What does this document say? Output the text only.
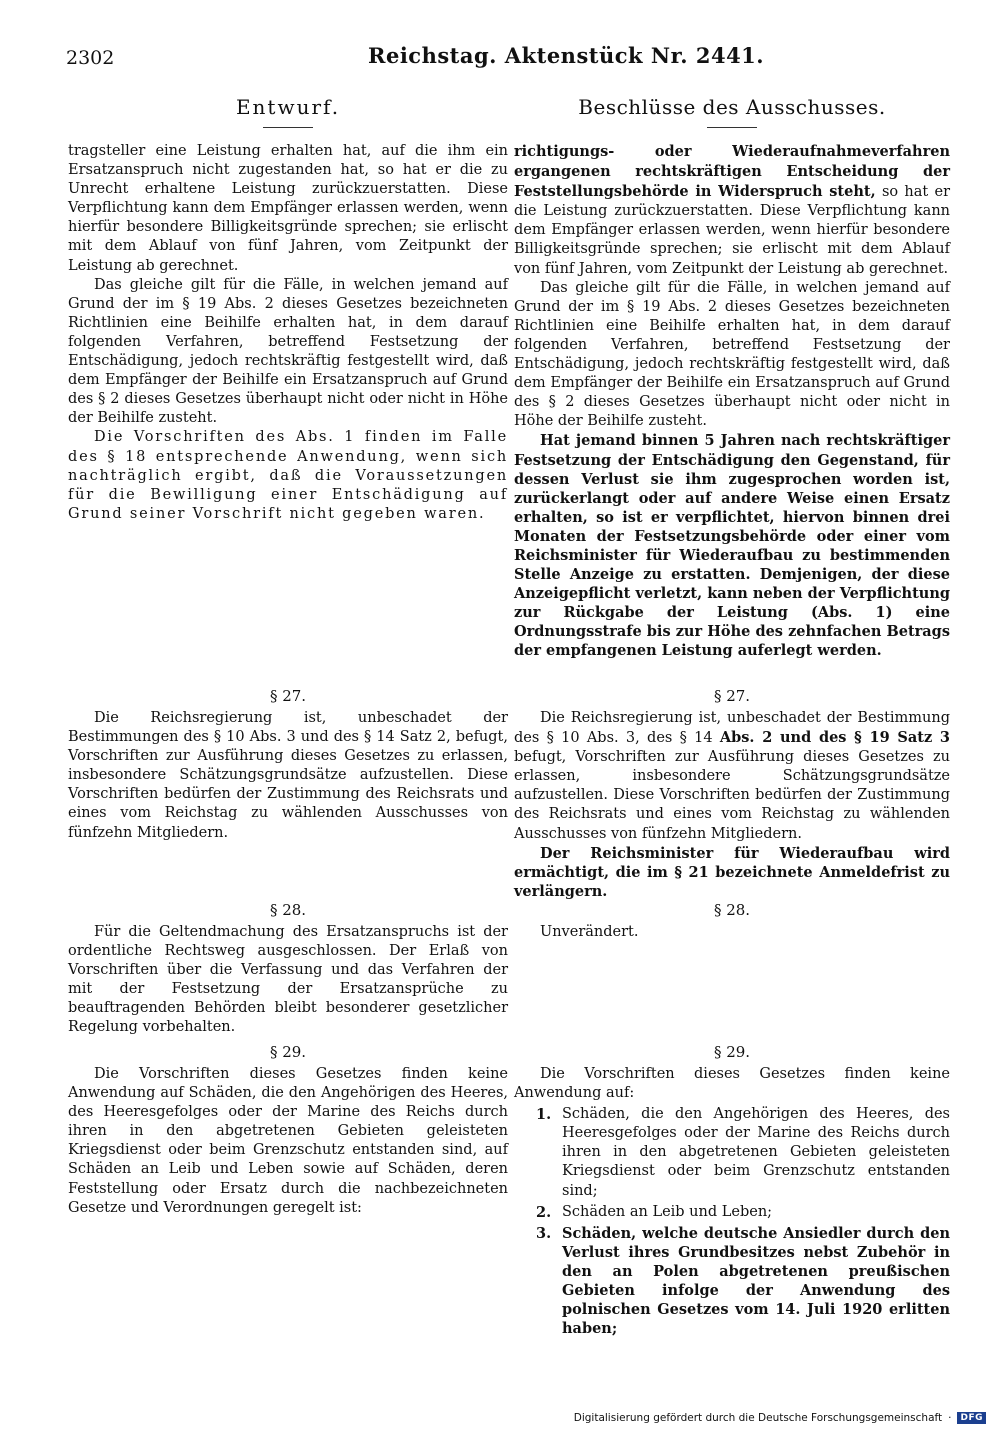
2302	Reichstag. Aktenstück Nr. 2441.
Entwurf.

tragsteller eine Leistung erhalten hat, auf die ihm ein Ersatzanspruch nicht zugestanden hat, so hat er die zu Unrecht erhaltene Leistung zurückzuerstatten. Diese Verpflichtung kann dem Empfänger erlassen werden, wenn hierfür besondere Billigkeitsgründe sprechen; sie erlischt mit dem Ablauf von fünf Jahren, vom Zeitpunkt der Leistung ab gerechnet.

Das gleiche gilt für die Fälle, in welchen jemand auf Grund der im § 19 Abs. 2 dieses Gesetzes bezeichneten Richtlinien eine Beihilfe erhalten hat, in dem darauf folgenden Verfahren, betreffend Festsetzung der Entschädigung, jedoch rechtskräftig festgestellt wird, daß dem Empfänger der Beihilfe ein Ersatzanspruch auf Grund des § 2 dieses Gesetzes überhaupt nicht oder nicht in Höhe der Beihilfe zusteht.

Die Vorschriften des Abs. 1 finden im Falle des § 18 entsprechende Anwendung, wenn sich nachträglich ergibt, daß die Voraussetzungen für die Bewilligung einer Entschädigung auf Grund seiner Vorschrift nicht gegeben waren.

§ 27.

Die Reichsregierung ist, unbeschadet der Bestimmungen des § 10 Abs. 3 und des § 14 Satz 2, befugt, Vorschriften zur Ausführung dieses Gesetzes zu erlassen, insbesondere Schätzungsgrundsätze aufzustellen. Diese Vorschriften bedürfen der Zustimmung des Reichsrats und eines vom Reichstag zu wählenden Ausschusses von fünfzehn Mitgliedern.

§ 28.

Für die Geltendmachung des Ersatzanspruchs ist der ordentliche Rechtsweg ausgeschlossen. Der Erlaß von Vorschriften über die Verfassung und das Verfahren der mit der Festsetzung der Ersatzansprüche zu beauftragenden Behörden bleibt besonderer gesetzlicher Regelung vorbehalten.

§ 29.

Die Vorschriften dieses Gesetzes finden keine Anwendung auf Schäden, die den Angehörigen des Heeres, des Heeresgefolges oder der Marine des Reichs durch ihren in den abgetretenen Gebieten geleisteten Kriegsdienst oder beim Grenzschutz entstanden sind, auf Schäden an Leib und Leben sowie auf Schäden, deren Feststellung oder Ersatz durch die nachbezeichneten Gesetze und Verordnungen geregelt ist:

Beschlüsse des Ausschusses.

richtigungs- oder Wiederaufnahmeverfahren ergangenen rechtskräftigen Entscheidung der Feststellungsbehörde in Widerspruch steht, so hat er die Leistung zurückzuerstatten. Diese Verpflichtung kann dem Empfänger erlassen werden, wenn hierfür besondere Billigkeitsgründe sprechen; sie erlischt mit dem Ablauf von fünf Jahren, vom Zeitpunkt der Leistung ab gerechnet.

Das gleiche gilt für die Fälle, in welchen jemand auf Grund der im § 19 Abs. 2 dieses Gesetzes bezeichneten Richtlinien eine Beihilfe erhalten hat, in dem darauf folgenden Verfahren, betreffend Festsetzung der Entschädigung, jedoch rechtskräftig festgestellt wird, daß dem Empfänger der Beihilfe ein Ersatzanspruch auf Grund des § 2 dieses Gesetzes überhaupt nicht oder nicht in Höhe der Beihilfe zusteht.

Hat jemand binnen 5 Jahren nach rechtskräftiger Festsetzung der Entschädigung den Gegenstand, für dessen Verlust sie ihm zugesprochen worden ist, zurückerlangt oder auf andere Weise einen Ersatz erhalten, so ist er verpflichtet, hiervon binnen drei Monaten der Festsetzungsbehörde oder einer vom Reichsminister für Wiederaufbau zu bestimmenden Stelle Anzeige zu erstatten. Demjenigen, der diese Anzeigepflicht verletzt, kann neben der Verpflichtung zur Rückgabe der Leistung (Abs. 1) eine Ordnungsstrafe bis zur Höhe des zehnfachen Betrags der empfangenen Leistung auferlegt werden.

§ 27.

Die Reichsregierung ist, unbeschadet der Bestimmung des § 10 Abs. 3, des § 14 Abs. 2 und des § 19 Satz 3 befugt, Vorschriften zur Ausführung dieses Gesetzes zu erlassen, insbesondere Schätzungsgrundsätze aufzustellen. Diese Vorschriften bedürfen der Zustimmung des Reichsrats und eines vom Reichstag zu wählenden Ausschusses von fünfzehn Mitgliedern.

Der Reichsminister für Wiederaufbau wird ermächtigt, die im § 21 bezeichnete Anmeldefrist zu verlängern.

§ 28.

Unverändert.

§ 29.

Die Vorschriften dieses Gesetzes finden keine Anwendung auf:

1. Schäden, die den Angehörigen des Heeres, des Heeresgefolges oder der Marine des Reichs durch ihren in den abgetretenen Gebieten geleisteten Kriegsdienst oder beim Grenzschutz entstanden sind;
2. Schäden an Leib und Leben;
3. Schäden, welche deutsche Ansiedler durch den Verlust ihres Grundbesitzes nebst Zubehör in den an Polen abgetretenen preußischen Gebieten infolge der Anwendung des polnischen Gesetzes vom 14. Juli 1920 erlitten haben;
Digitalisierung gefördert durch die Deutsche Forschungsgemeinschaft ·	DFG
